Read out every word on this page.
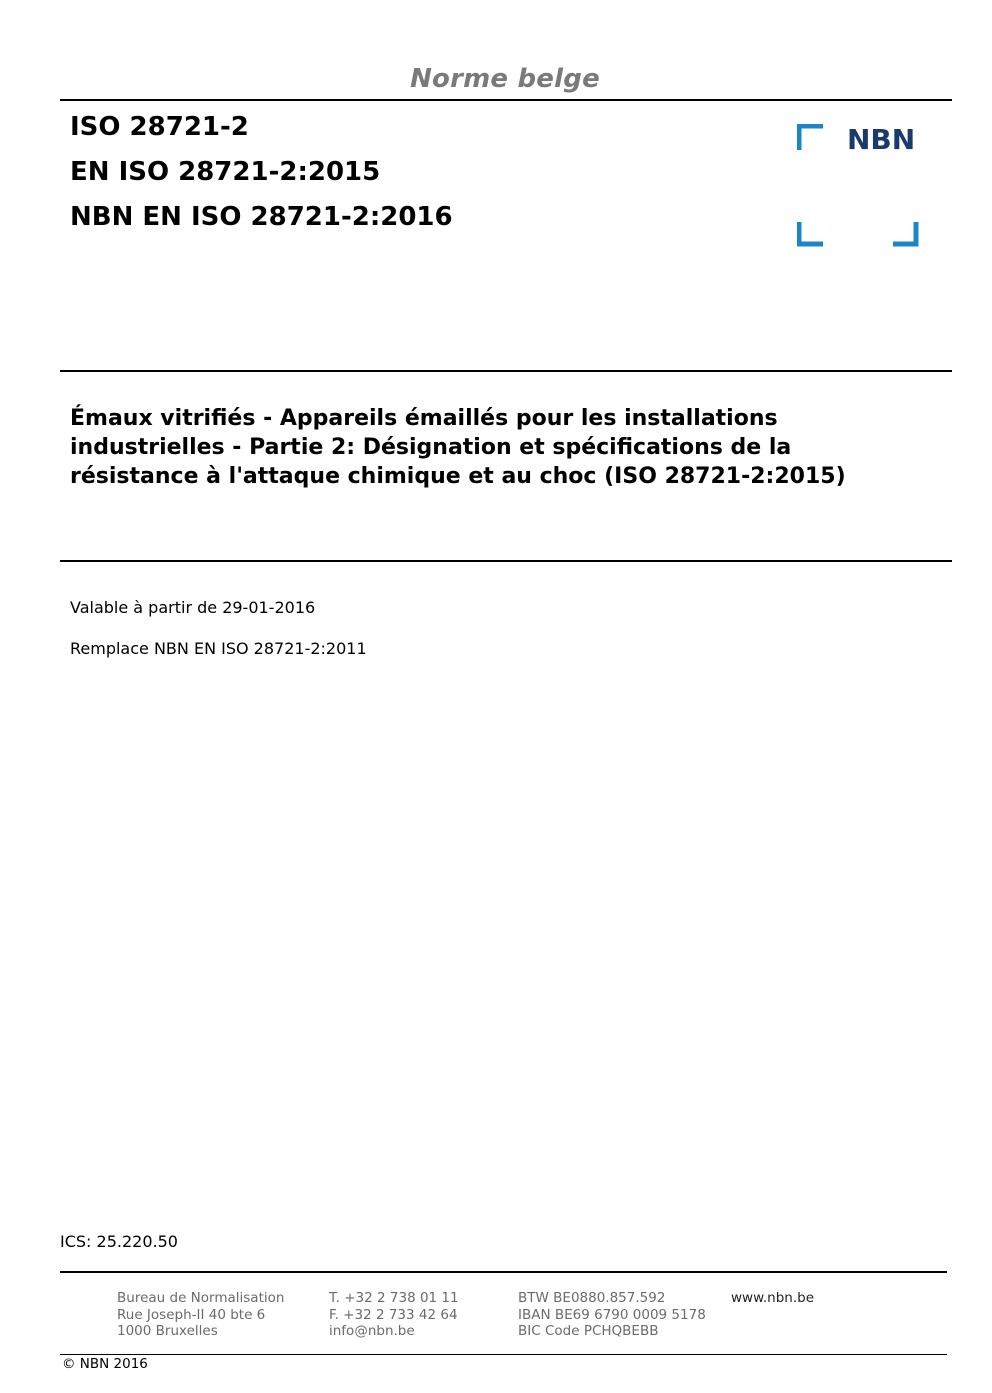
Norme belge
ISO 28721-2
EN ISO 28721-2:2015
NBN EN ISO 28721-2:2016
NBN
Émaux vitrifiés - Appareils émaillés pour les installations
industrielles - Partie 2: Désignation et spécifications de la
résistance à l'attaque chimique et au choc (ISO 28721-2:2015)
Valable à partir de 29-01-2016
Remplace NBN EN ISO 28721-2:2011
ICS: 25.220.50
Bureau de Normalisation
Rue Joseph-II 40 bte 6
1000 Bruxelles
T. +32 2 738 01 11
F. +32 2 733 42 64
info@nbn.be
BTW BE0880.857.592
IBAN BE69 6790 0009 5178
BIC Code PCHQBEBB
www.nbn.be
© NBN 2016
